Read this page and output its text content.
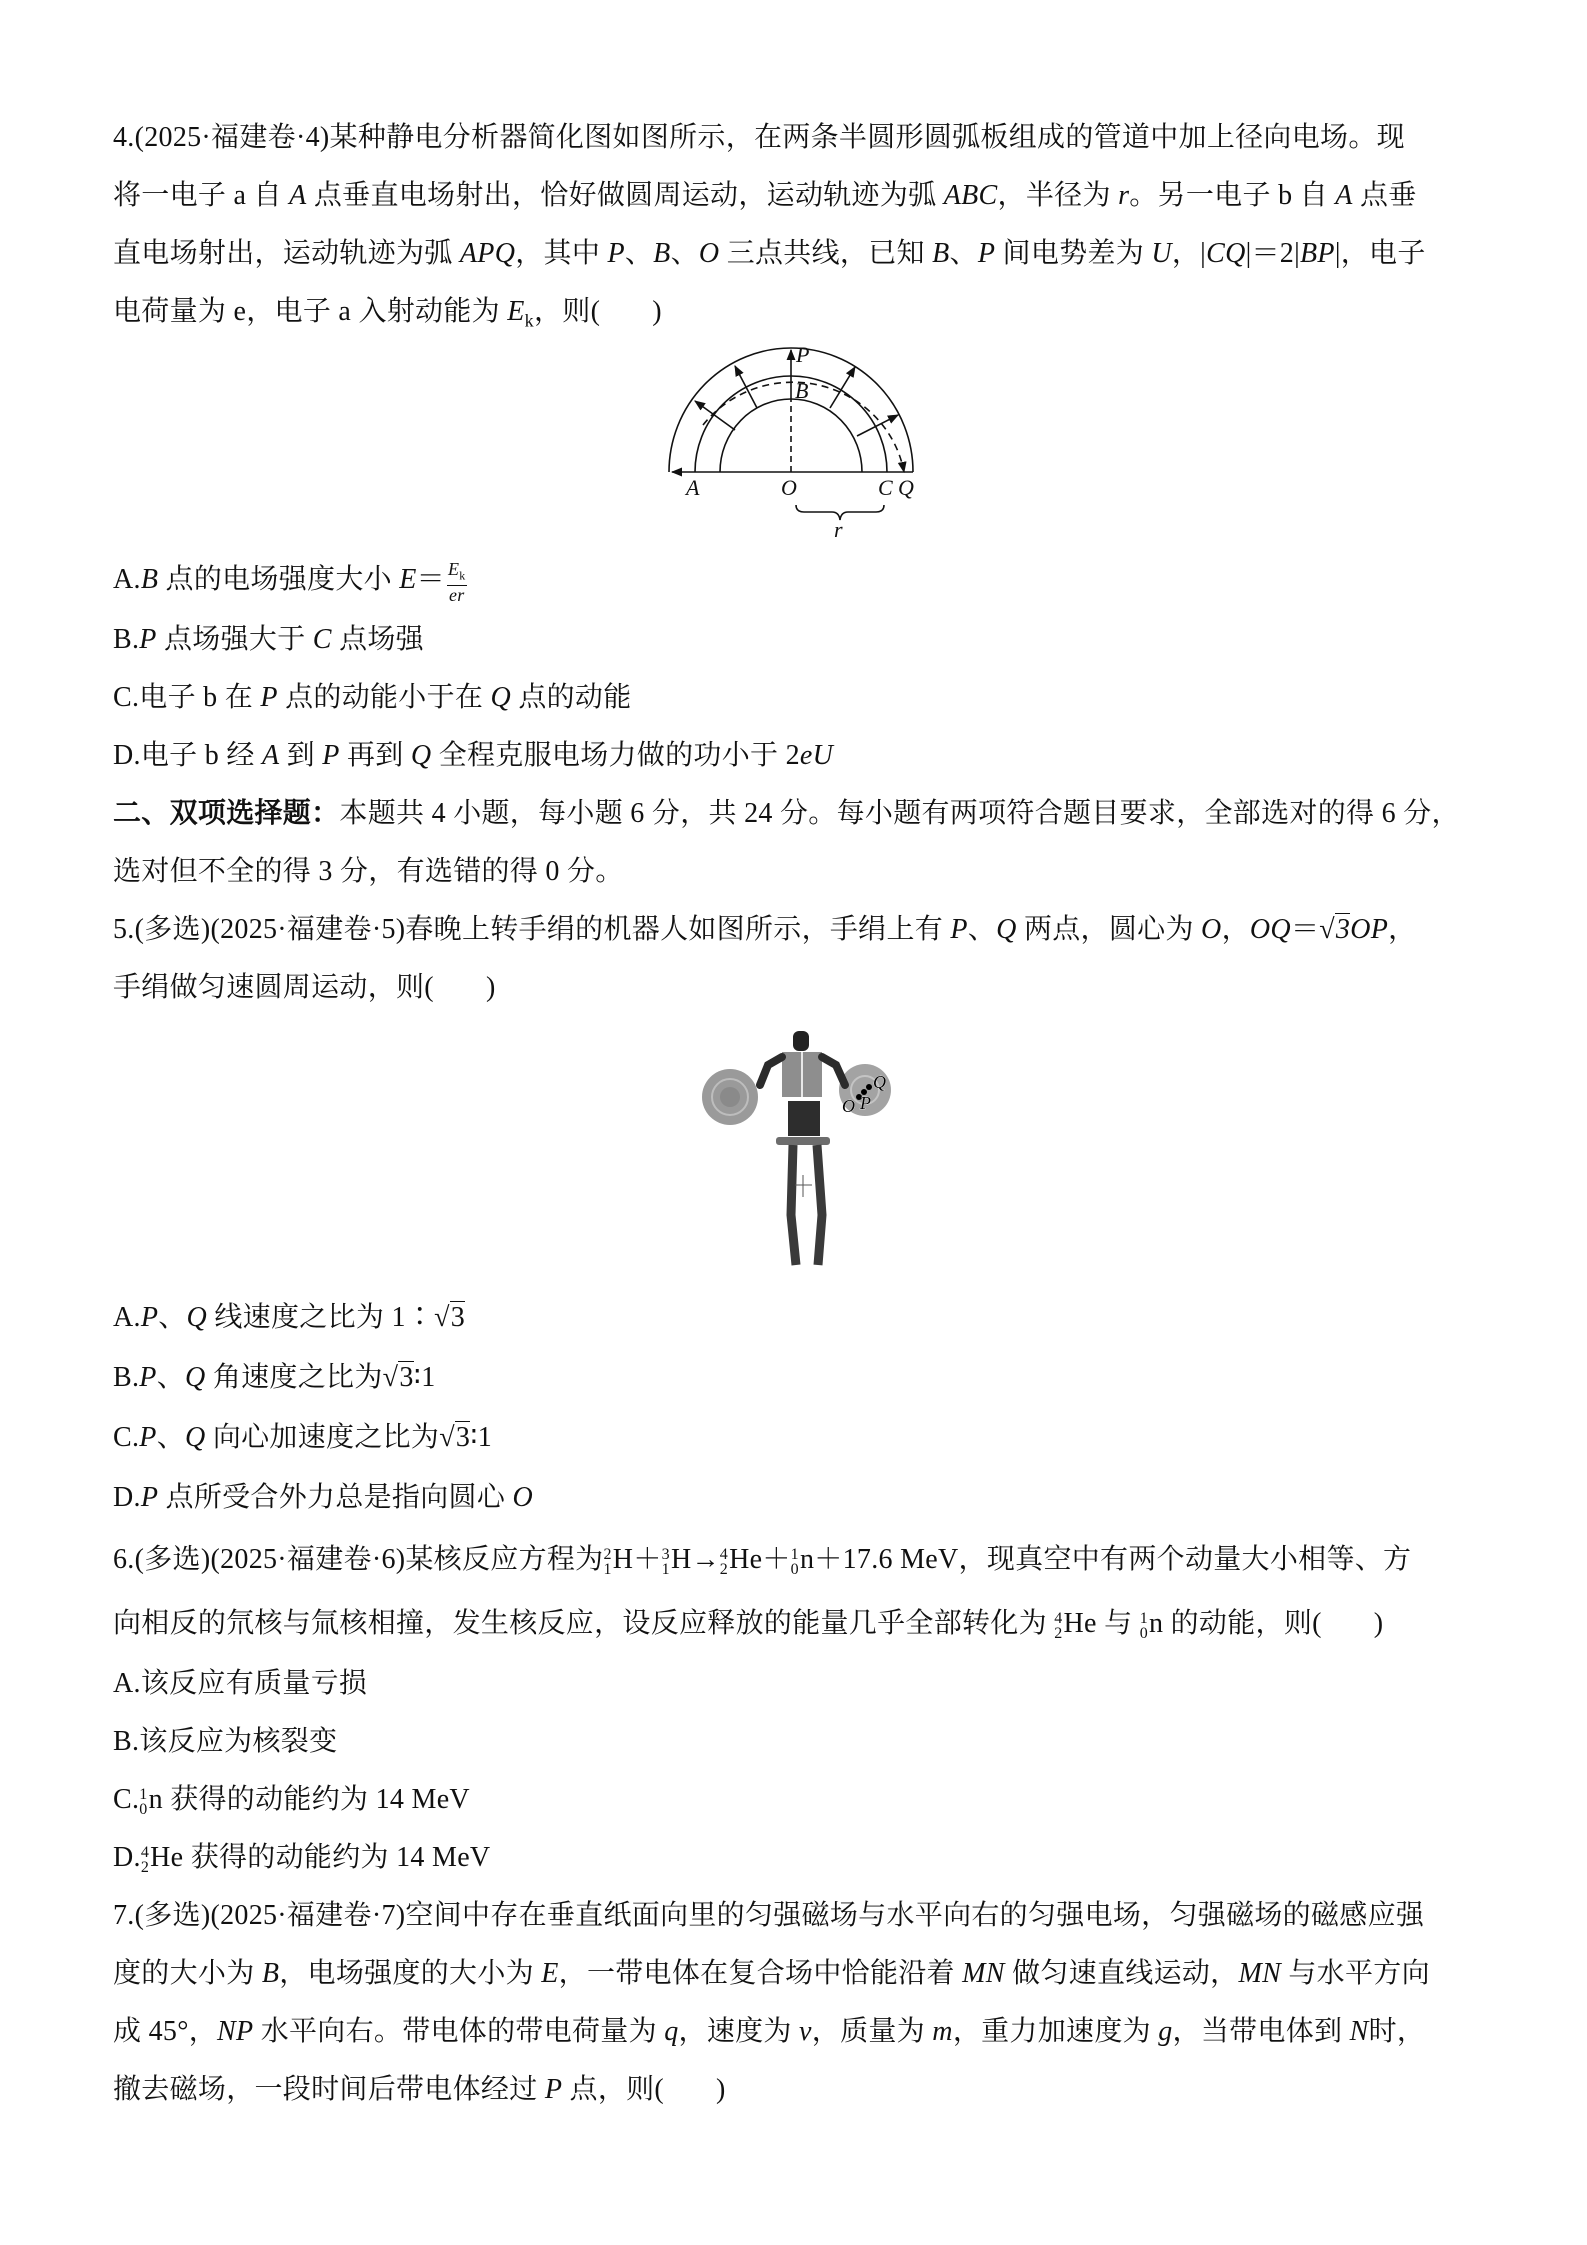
4.(2025·福建卷·4)某种静电分析器简化图如图所示，在两条半圆形圆弧板组成的管道中加上径向电场。现
将一电子 a 自 A 点垂直电场射出，恰好做圆周运动，运动轨迹为弧 ABC，半径为 r。另一电子 b 自 A 点垂
直电场射出，运动轨迹为弧 APQ，其中 P、B、O 三点共线，已知 B、P 间电势差为 U，|CQ|＝2|BP|，电子
电荷量为 e，电子 a 入射动能为 $E_k$，则( )
A	O	C Q
P
B
r
A.B 点的电场强度大小 $E= \frac{E_k}{er}$
B.P 点场强大于 C 点场强
C.电子 b 在 P 点的动能小于在 Q 点的动能
D.电子 b 经 A 到 P 再到 Q 全程克服电场力做的功小于 2eU
二、双项选择题：本题共 4 小题，每小题 6 分，共 24 分。每小题有两项符合题目要求，全部选对的得 6 分，
选对但不全的得 3 分，有选错的得 0 分。
5.(多选)(2025·福建卷·5)春晚上转手绢的机器人如图所示，手绢上有 P、Q 两点，圆心为 O，OQ＝√3OP，
手绢做匀速圆周运动，则( )
O P
Q
A.P、Q 线速度之比为 1∶√3
B.P、Q 角速度之比为√3∶1
C.P、Q 向心加速度之比为√3∶1
D.P 点所受合外力总是指向圆心 O
6.(多选)(2025·福建卷·6)某核反应方程为 2
1 H＋ 3
1 H→ 4
2 He＋ 1
0 n＋17.6 MeV，现真空中有两个动量大小相等、方
向相反的氘核与氚核相撞，发生核反应，设反应释放的能量几乎全部转化为 4
2 He 与 1
0 n 的动能，则( )
A.该反应有质量亏损
B.该反应为核裂变
C. 1
0 n 获得的动能约为 14 MeV
D. 4
2 He 获得的动能约为 14 MeV
7.(多选)(2025·福建卷·7)空间中存在垂直纸面向里的匀强磁场与水平向右的匀强电场，匀强磁场的磁感应强
度的大小为 B，电场强度的大小为 E，一带电体在复合场中恰能沿着 MN 做匀速直线运动，MN 与水平方向
成 45°，NP 水平向右。带电体的带电荷量为 q，速度为 v，质量为 m，重力加速度为 g，当带电体到 N时，
撤去磁场，一段时间后带电体经过 P 点，则( )
